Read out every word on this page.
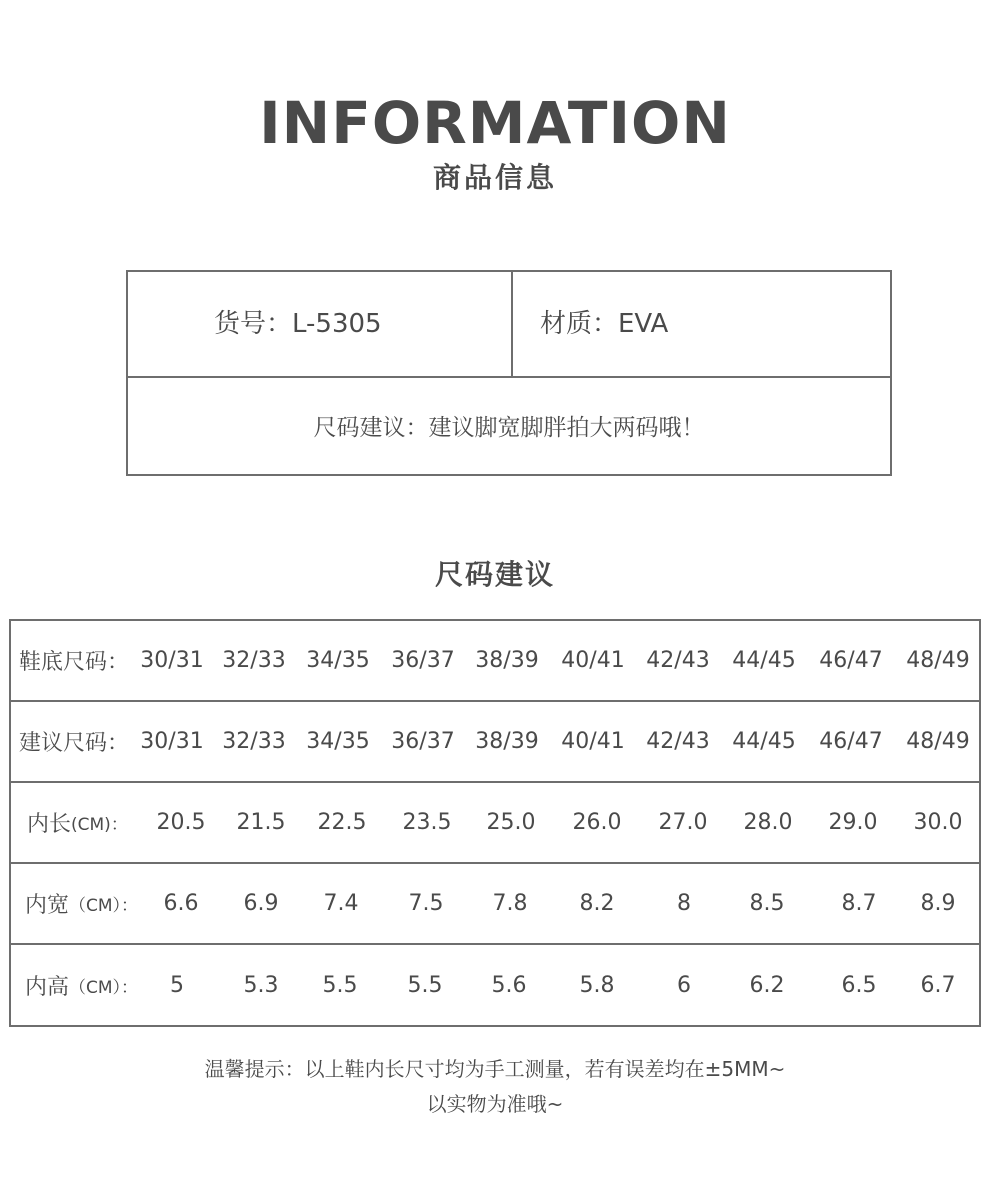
INFORMATION
商品信息
货号：L-5305	材质：EVA
尺码建议：建议脚宽脚胖拍大两码哦！
尺码建议
鞋底尺码： 30/31 32/33 34/35 36/37 38/39	40/41 42/43	44/45	46/47	48/49
建议尺码： 30/31 32/33 34/35 36/37 38/39	40/41 42/43	44/45	46/47	48/49
内长 (CM)：	20.5	21.5	22.5	23.5	25.0	26.0	27.0	28.0	29.0	30.0
内宽 （CM）：	6.6	6.9	7.4	7.5	7.8	8.2	8	8.5	8.7	8.9
内高 （CM）：	5	5.3	5.5	5.5	5.6	5.8	6	6.2	6.5	6.7
温馨提示：以上鞋内长尺寸均为手工测量，若有误差均在±5MM~
以实物为准哦~
